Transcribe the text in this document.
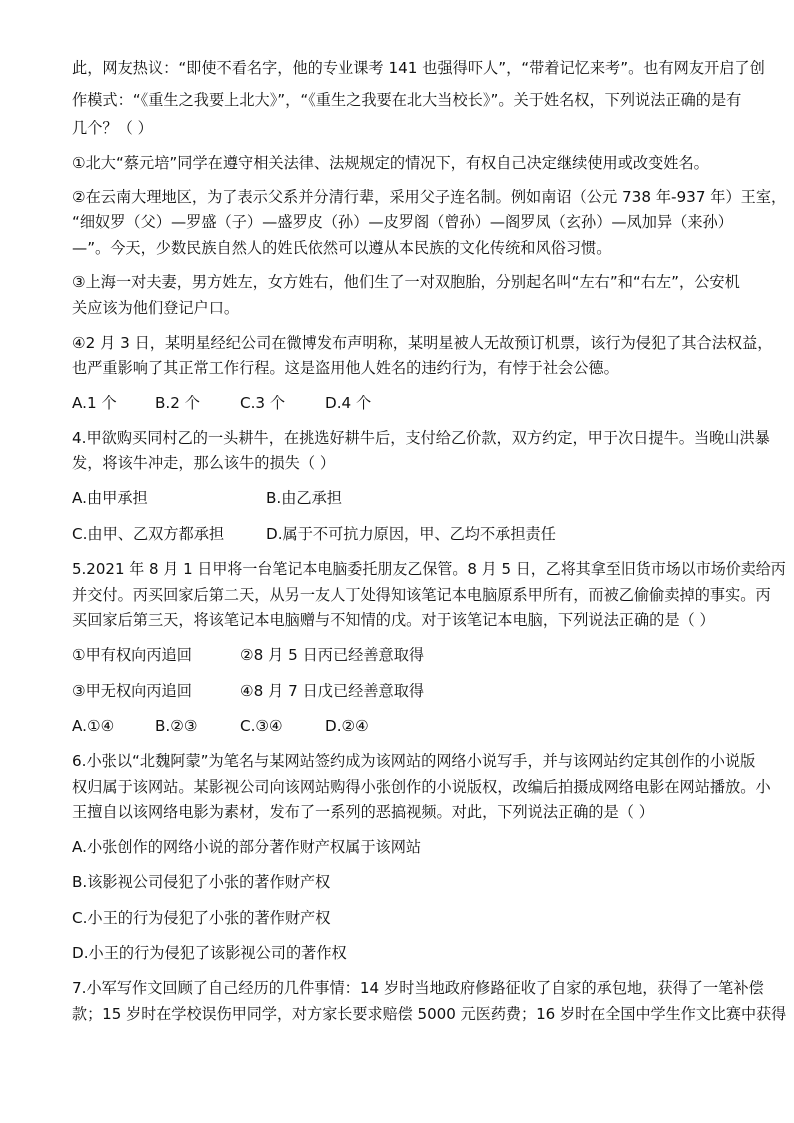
此，网友热议：“即使不看名字，他的专业课考 141 也强得吓人”，“带着记忆来考”。也有网友开启了创
作模式：“《重生之我要上北大》”，“《重生之我要在北大当校长》”。关于姓名权，下列说法正确的是有
几个？（ ）
①北大“蔡元培”同学在遵守相关法律、法规规定的情况下，有权自己决定继续使用或改变姓名。
②在云南大理地区，为了表示父系并分清行辈，采用父子连名制。例如南诏（公元 738 年-937 年）王室，
“细奴罗（父）—罗盛（子）—盛罗皮（孙）—皮罗阁（曾孙）—阁罗凤（玄孙）—凤加异（来孙）
—”。今天，少数民族自然人的姓氏依然可以遵从本民族的文化传统和风俗习惯。
③上海一对夫妻，男方姓左，女方姓右，他们生了一对双胞胎，分别起名叫“左右”和“右左”，公安机
关应该为他们登记户口。
④2 月 3 日，某明星经纪公司在微博发布声明称，某明星被人无故预订机票，该行为侵犯了其合法权益，
也严重影响了其正常工作行程。这是盗用他人姓名的违约行为，有悖于社会公德。
A.1 个	B.2 个	C.3 个	D.4 个
4.甲欲购买同村乙的一头耕牛，在挑选好耕牛后，支付给乙价款，双方约定，甲于次日提牛。当晚山洪暴
发，将该牛冲走，那么该牛的损失（ ）
A.由甲承担	B.由乙承担
C.由甲、乙双方都承担	D.属于不可抗力原因，甲、乙均不承担责任
5.2021 年 8 月 1 日甲将一台笔记本电脑委托朋友乙保管。8 月 5 日，乙将其拿至旧货市场以市场价卖给丙
并交付。丙买回家后第二天，从另一友人丁处得知该笔记本电脑原系甲所有，而被乙偷偷卖掉的事实。丙
买回家后第三天，将该笔记本电脑赠与不知情的戊。对于该笔记本电脑，下列说法正确的是（ ）
①甲有权向丙追回	②8 月 5 日丙已经善意取得
③甲无权向丙追回	④8 月 7 日戊已经善意取得
A.①④	B.②③	C.③④	D.②④
6.小张以“北魏阿蒙”为笔名与某网站签约成为该网站的网络小说写手，并与该网站约定其创作的小说版
权归属于该网站。某影视公司向该网站购得小张创作的小说版权，改编后拍摄成网络电影在网站播放。小
王擅自以该网络电影为素材，发布了一系列的恶搞视频。对此，下列说法正确的是（ ）
A.小张创作的网络小说的部分著作财产权属于该网站
B.该影视公司侵犯了小张的著作财产权
C.小王的行为侵犯了小张的著作财产权
D.小王的行为侵犯了该影视公司的著作权
7.小军写作文回顾了自己经历的几件事情：14 岁时当地政府修路征收了自家的承包地，获得了一笔补偿
款；15 岁时在学校误伤甲同学，对方家长要求赔偿 5000 元医药费；16 岁时在全国中学生作文比赛中获得
